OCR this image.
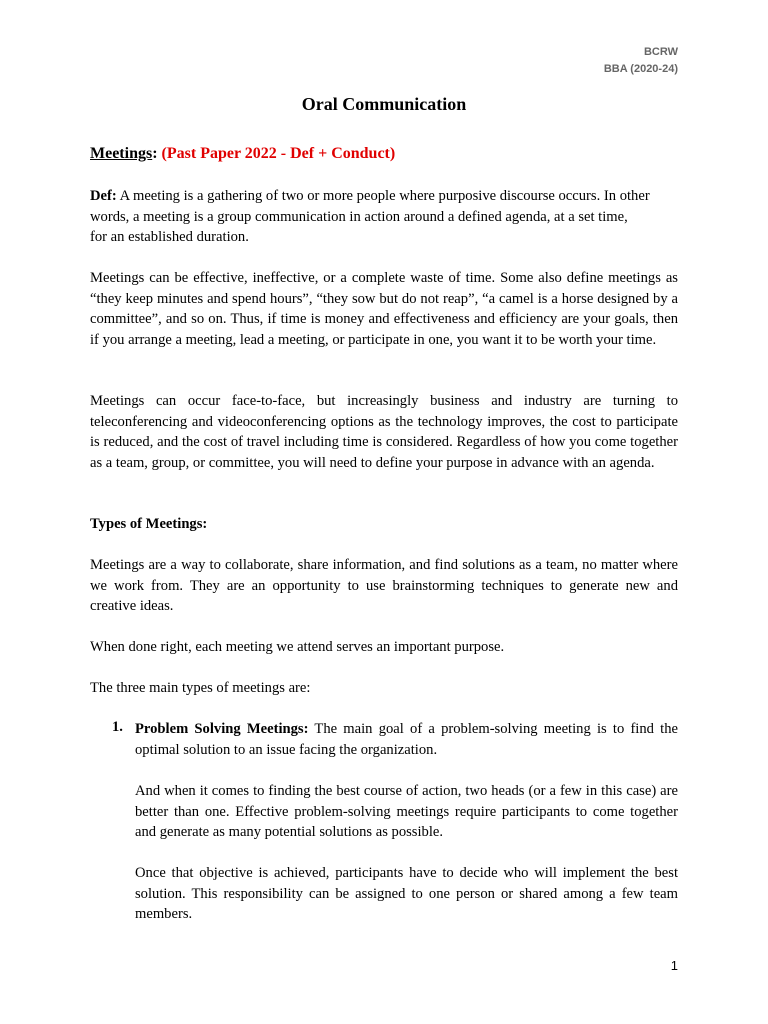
BCRW
BBA (2020-24)
Oral Communication
Meetings: (Past Paper 2022 - Def + Conduct)
Def: A meeting is a gathering of two or more people where purposive discourse occurs. In other
words, a meeting is a group communication in action around a defined agenda, at a set time,
for an established duration.
Meetings can be effective, ineffective, or a complete waste of time. Some also define meetings as “they keep minutes and spend hours”, “they sow but do not reap”, “a camel is a horse designed by a committee”, and so on. Thus, if time is money and effectiveness and efficiency are your goals, then if you arrange a meeting, lead a meeting, or participate in one, you want it to be worth your time.
Meetings can occur face-to-face, but increasingly business and industry are turning to teleconferencing and videoconferencing options as the technology improves, the cost to participate is reduced, and the cost of travel including time is considered. Regardless of how you come together as a team, group, or committee, you will need to define your purpose in advance with an agenda.
Types of Meetings:
Meetings are a way to collaborate, share information, and find solutions as a team, no matter where we work from. They are an opportunity to use brainstorming techniques to generate new and creative ideas.
When done right, each meeting we attend serves an important purpose.
The three main types of meetings are:
1. Problem Solving Meetings: The main goal of a problem-solving meeting is to find the optimal solution to an issue facing the organization.
And when it comes to finding the best course of action, two heads (or a few in this case) are better than one. Effective problem-solving meetings require participants to come together and generate as many potential solutions as possible.
Once that objective is achieved, participants have to decide who will implement the best solution. This responsibility can be assigned to one person or shared among a few team members.
1
